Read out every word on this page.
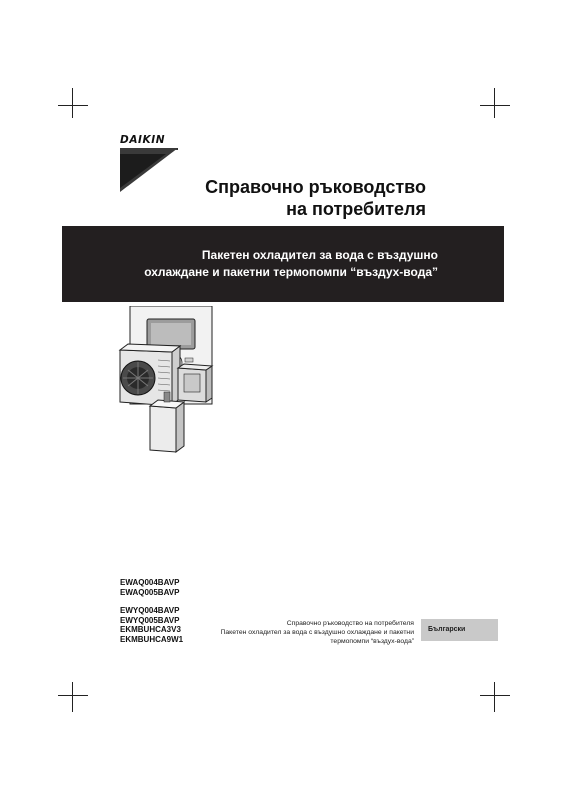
DAIKIN
Справочно ръководство
на потребителя
Пакетен охладител за вода с въздушно
охлаждане и пакетни термопомпи “въздух-вода”
EWAQ004BAVP
EWAQ005BAVP
EWYQ004BAVP
EWYQ005BAVP
EKMBUHCA3V3
EKMBUHCA9W1
Справочно ръководство на потребителя
Пакетен охладител за вода с въздушно охлаждане и пакетни
термопомпи “въздух-вода”
Български
